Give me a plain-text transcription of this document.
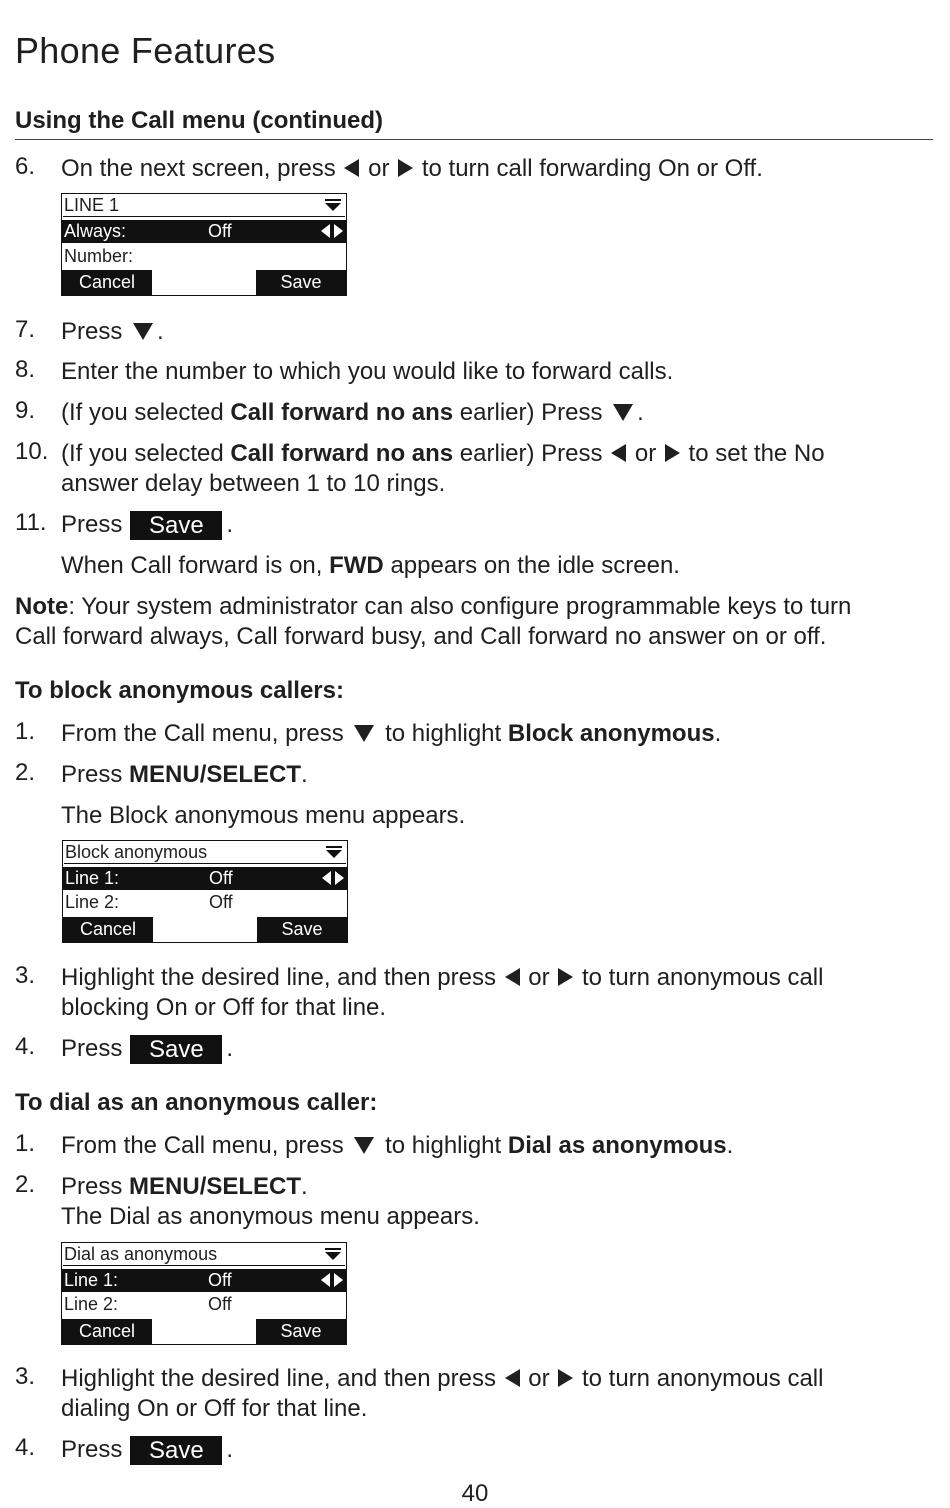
Phone Features
Using the Call menu (continued)
6. On the next screen, press or to turn call forwarding On or Off.
LINE 1
Always:	Off
Number:
Cancel	Save
7. Press .
8. Enter the number to which you would like to forward calls.
9. (If you selected Call forward no ans earlier) Press .
10. (If you selected Call forward no ans earlier) Press or to set the No
answer delay between 1 to 10 rings.
11. Press Save .
When Call forward is on, FWD appears on the idle screen.
Note: Your system administrator can also configure programmable keys to turn
Call forward always, Call forward busy, and Call forward no answer on or off.
To block anonymous callers:
1. From the Call menu, press to highlight Block anonymous.
2. Press MENU/SELECT.
The Block anonymous menu appears.
Block anonymous
Line 1:	Off
Line 2:	Off
Cancel	Save
3. Highlight the desired line, and then press or to turn anonymous call
blocking On or Off for that line.
4. Press Save .
To dial as an anonymous caller:
1. From the Call menu, press to highlight Dial as anonymous.
2. Press MENU/SELECT.
The Dial as anonymous menu appears.
Dial as anonymous
Line 1:	Off
Line 2:	Off
Cancel	Save
3. Highlight the desired line, and then press or to turn anonymous call
dialing On or Off for that line.
4. Press Save .
40
